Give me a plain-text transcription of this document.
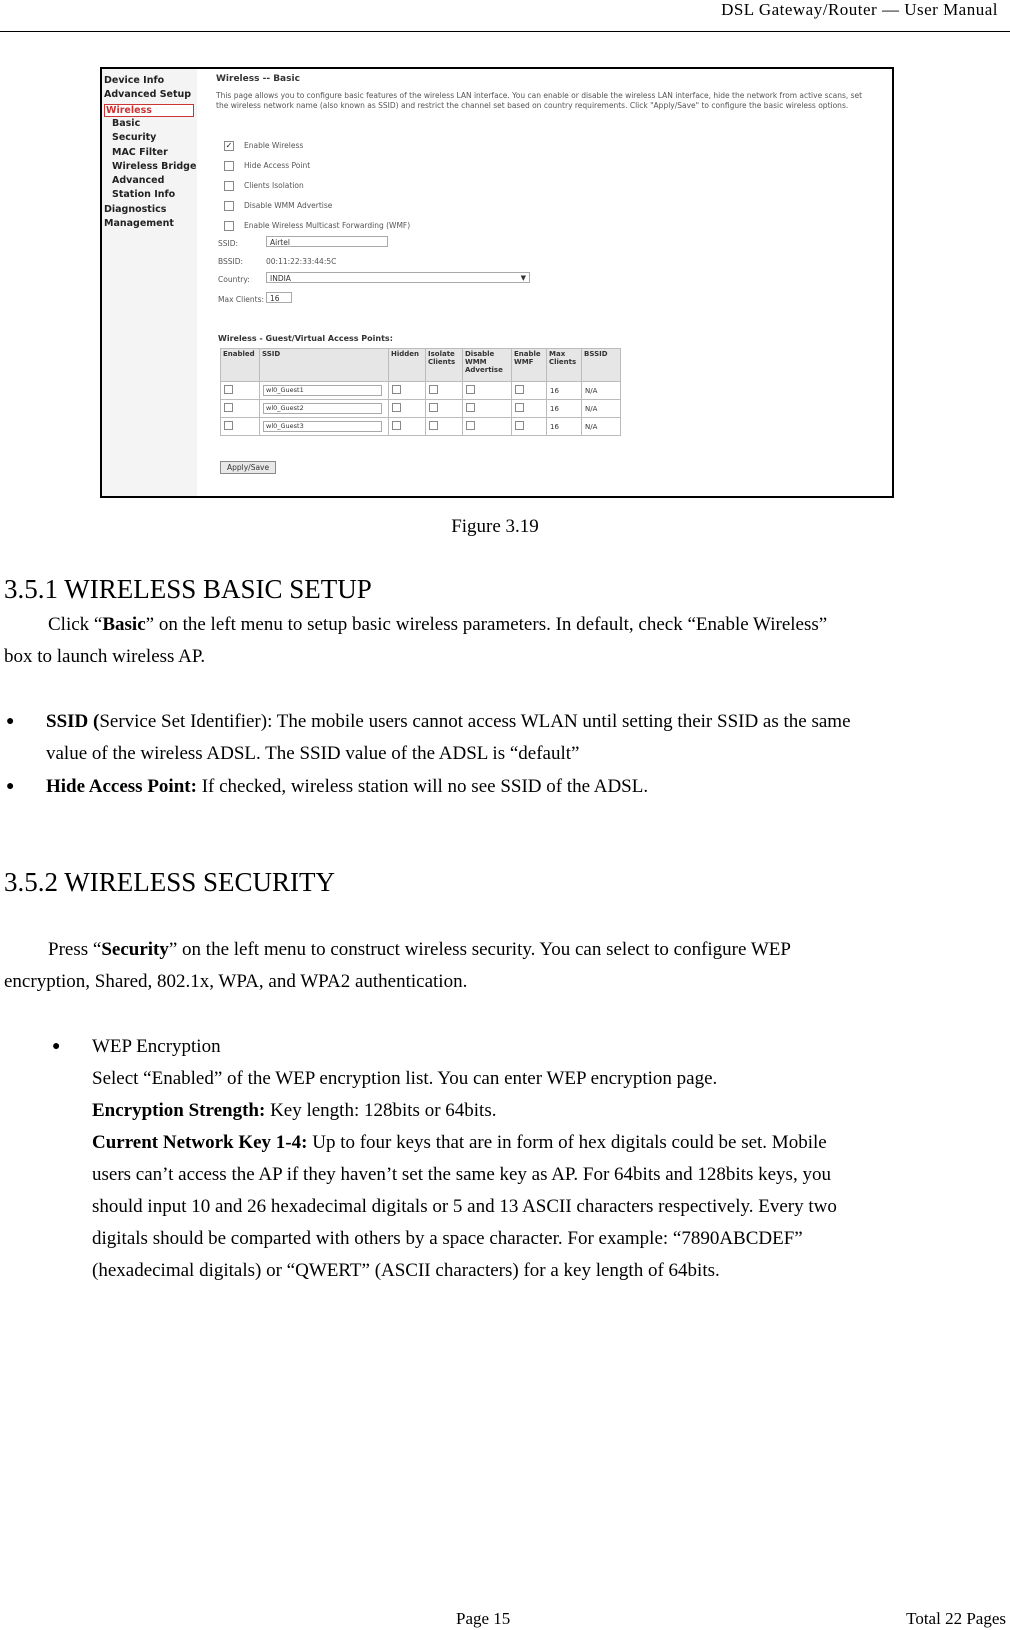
DSL Gateway/Router — User Manual
Device Info
Advanced Setup
Wireless
Basic
Security
MAC Filter
Wireless Bridge
Advanced
Station Info
Diagnostics
Management
Wireless -- Basic
This page allows you to configure basic features of the wireless LAN interface. You can enable or disable the wireless LAN interface, hide the network from active scans, set the wireless network name (also known as SSID) and restrict the channel set based on country requirements. Click "Apply/Save" to configure the basic wireless options.
✓ Enable Wireless
Hide Access Point
Clients Isolation
Disable WMM Advertise
Enable Wireless Multicast Forwarding (WMF)
SSID:	Airtel
BSSID:	00:11:22:33:44:5C
Country:	INDIA	▼
Max Clients: 16
Wireless - Guest/Virtual Access Points:
Enabled	SSID	Hidden	Isolate Clients	Disable WMM Advertise	Enable WMF	Max Clients	BSSID
	wl0_Guest1					16	N/A
	wl0_Guest2					16	N/A
	wl0_Guest3					16	N/A
Apply/Save
Figure 3.19
3.5.1 WIRELESS BASIC SETUP
Click “Basic” on the left menu to setup basic wireless parameters. In default, check “Enable Wireless”
box to launch wireless AP.
● SSID (Service Set Identifier): The mobile users cannot access WLAN until setting their SSID as the same
value of the wireless ADSL. The SSID value of the ADSL is “default”
● Hide Access Point: If checked, wireless station will no see SSID of the ADSL.
3.5.2 WIRELESS SECURITY
Press “Security” on the left menu to construct wireless security. You can select to configure WEP
encryption, Shared, 802.1x, WPA, and WPA2 authentication.
● WEP Encryption
Select “Enabled” of the WEP encryption list. You can enter WEP encryption page.
Encryption Strength: Key length: 128bits or 64bits.
Current Network Key 1-4: Up to four keys that are in form of hex digitals could be set. Mobile
users can’t access the AP if they haven’t set the same key as AP. For 64bits and 128bits keys, you
should input 10 and 26 hexadecimal digitals or 5 and 13 ASCII characters respectively. Every two
digitals should be comparted with others by a space character. For example: “7890ABCDEF”
(hexadecimal digitals) or “QWERT” (ASCII characters) for a key length of 64bits.
Page 15	Total 22 Pages
